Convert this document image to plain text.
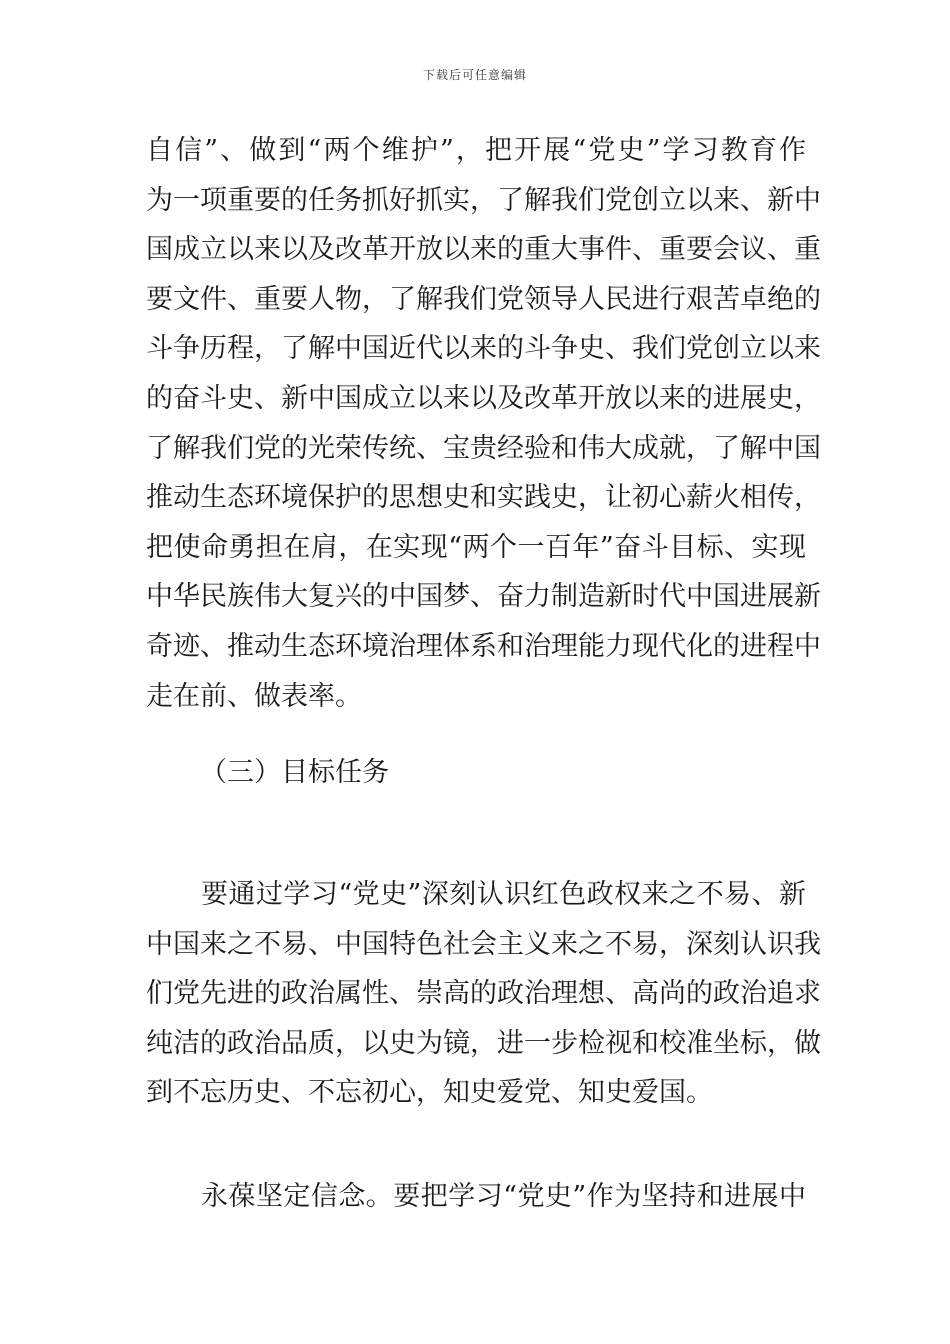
下载后可任意编辑
自信”、做到“两个维护”，把开展“党史”学习教育作
为一项重要的任务抓好抓实，了解我们党创立以来、新中
国成立以来以及改革开放以来的重大事件、重要会议、重
要文件、重要人物，了解我们党领导人民进行艰苦卓绝的
斗争历程，了解中国近代以来的斗争史、我们党创立以来
的奋斗史、新中国成立以来以及改革开放以来的进展史，
了解我们党的光荣传统、宝贵经验和伟大成就，了解中国
推动生态环境保护的思想史和实践史，让初心薪火相传，
把使命勇担在肩，在实现“两个一百年”奋斗目标、实现
中华民族伟大复兴的中国梦、奋力制造新时代中国进展新
奇迹、推动生态环境治理体系和治理能力现代化的进程中
走在前、做表率。
（三）目标任务
　　要通过学习“党史”深刻认识红色政权来之不易、新
中国来之不易、中国特色社会主义来之不易，深刻认识我
们党先进的政治属性、崇高的政治理想、高尚的政治追求
纯洁的政治品质，以史为镜，进一步检视和校准坐标，做
到不忘历史、不忘初心，知史爱党、知史爱国。
　　永葆坚定信念。要把学习“党史”作为坚持和进展中
